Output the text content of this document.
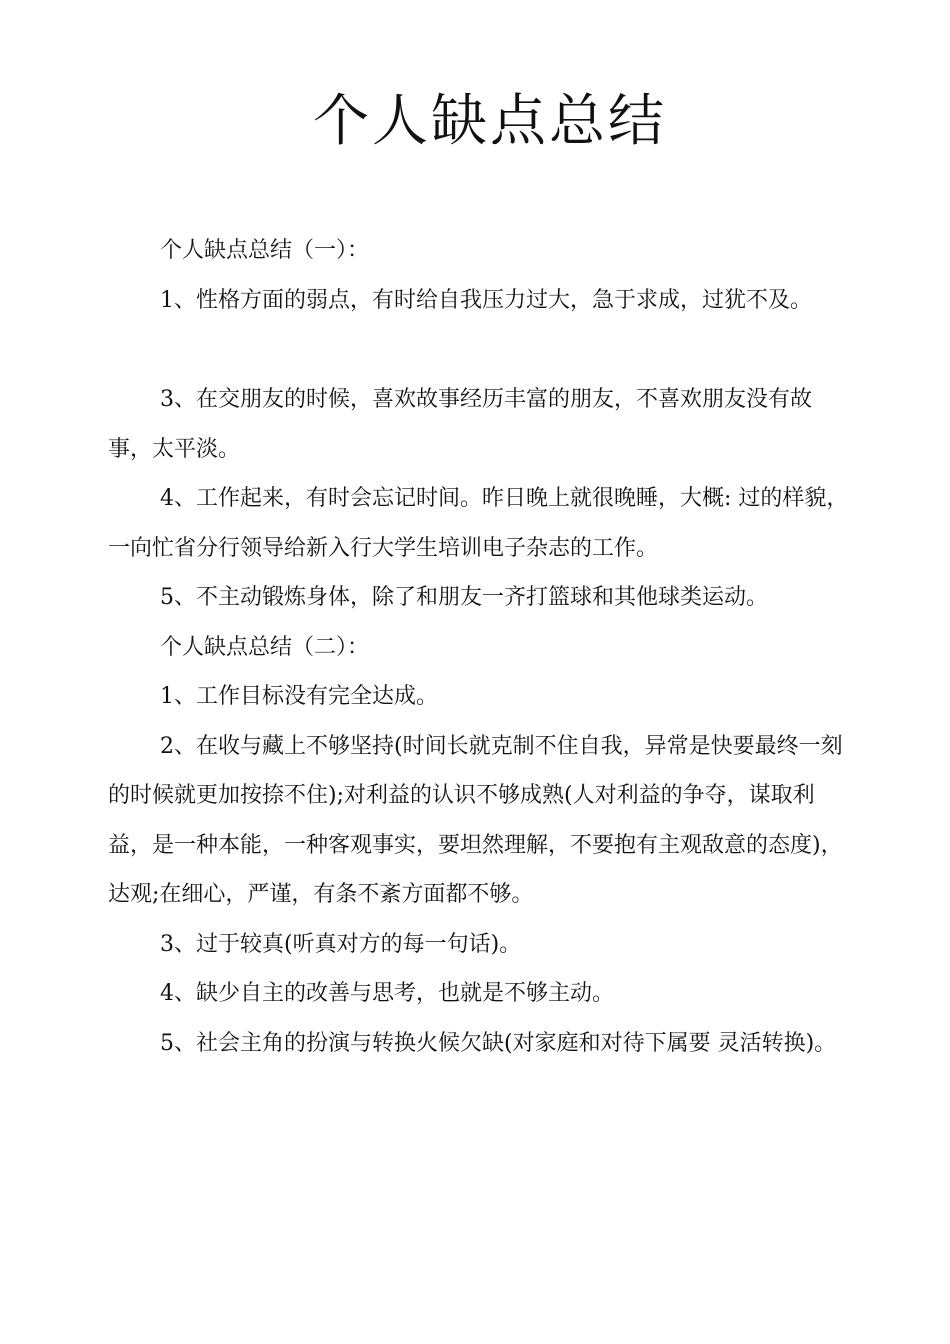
个人缺点总结

个人缺点总结（一）：

1、性格方面的弱点，有时给自我压力过大，急于求成，过犹不及。

3、在交朋友的时候，喜欢故事经历丰富的朋友，不喜欢朋友没有故事，太平淡。

4、工作起来，有时会忘记时间。昨日晚上就很晚睡，大概: 过的样貌，一向忙省分行领导给新入行大学生培训电子杂志的工作。

5、不主动锻炼身体，除了和朋友一齐打篮球和其他球类运动。

个人缺点总结（二）：

1、工作目标没有完全达成。

2、在收与藏上不够坚持(时间长就克制不住自我，异常是快要最终一刻的时候就更加按捺不住);对利益的认识不够成熟(人对利益的争夺，谋取利益，是一种本能，一种客观事实，要坦然理解，不要抱有主观敌意的态度)，达观;在细心，严谨，有条不紊方面都不够。

3、过于较真(听真对方的每一句话)。

4、缺少自主的改善与思考，也就是不够主动。

5、社会主角的扮演与转换火候欠缺(对家庭和对待下属要 灵活转换)。
